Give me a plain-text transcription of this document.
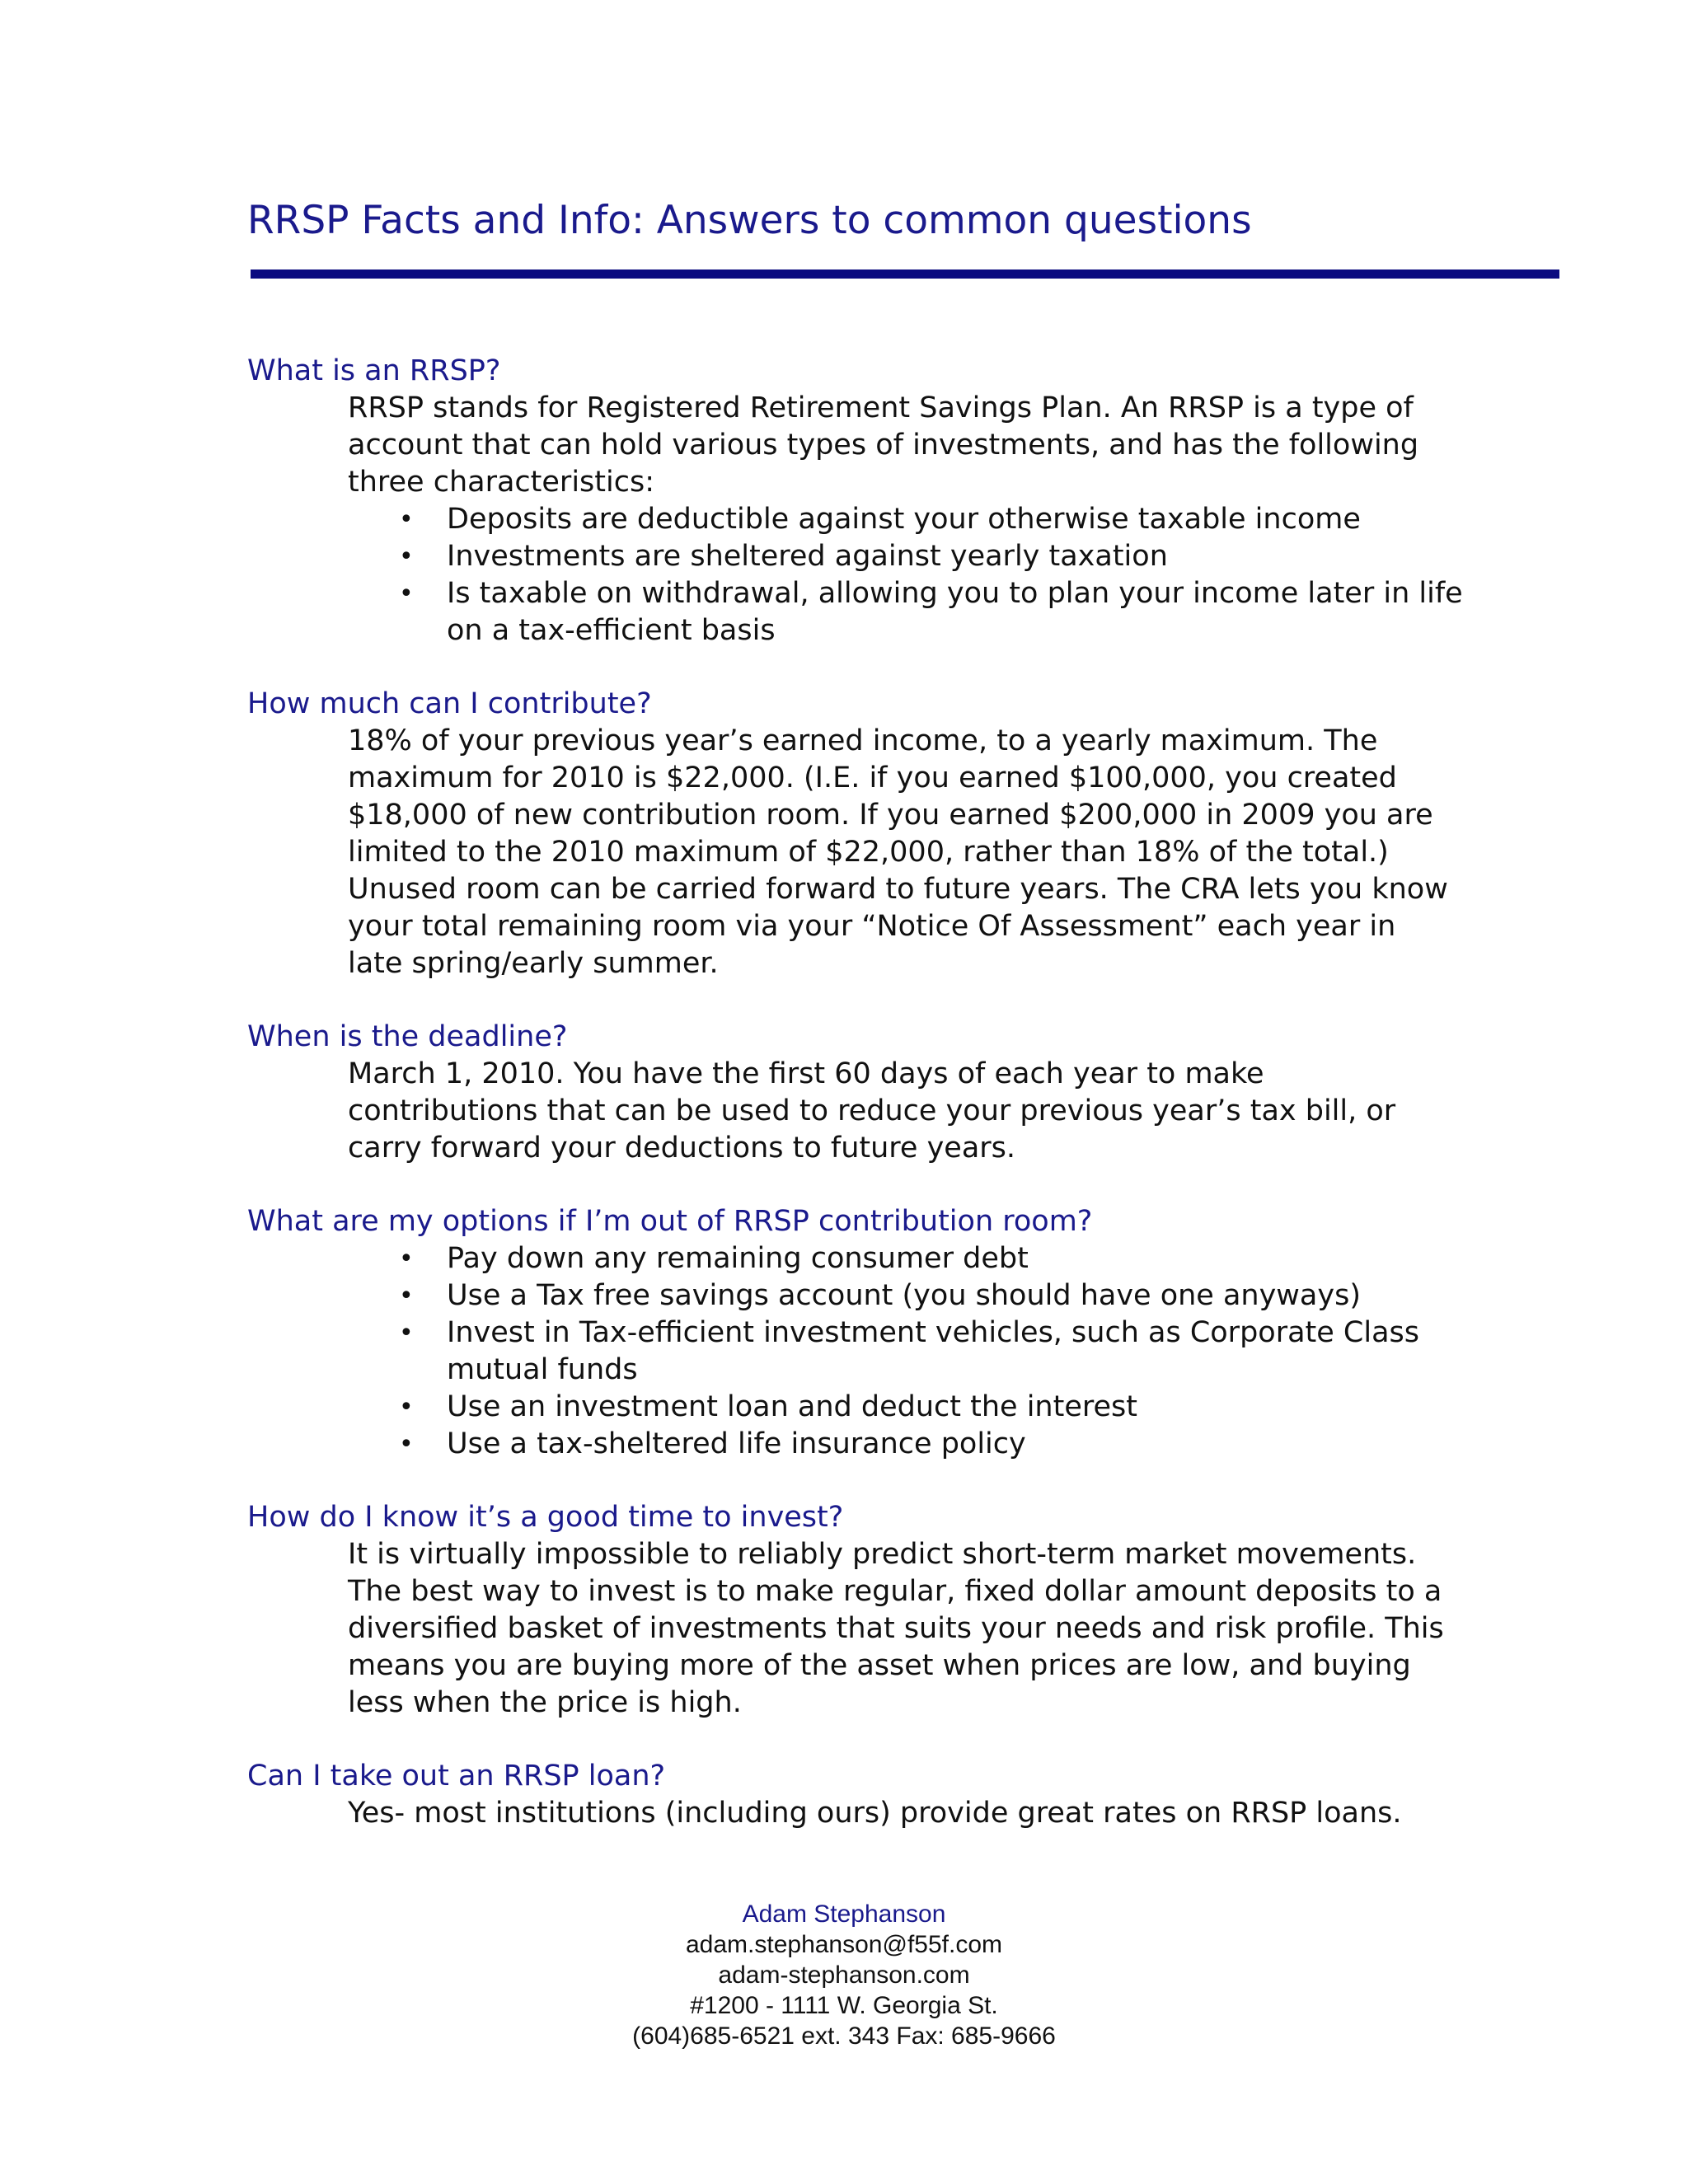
RRSP Facts and Info: Answers to common questions

What is an RRSP?

RRSP stands for Registered Retirement Savings Plan. An RRSP is a type of account that can hold various types of investments, and has the following three characteristics:

• Deposits are deductible against your otherwise taxable income
• Investments are sheltered against yearly taxation
• Is taxable on withdrawal, allowing you to plan your income later in life on a tax-efficient basis

How much can I contribute?

18% of your previous year’s earned income, to a yearly maximum. The maximum for 2010 is $22,000. (I.E. if you earned $100,000, you created $18,000 of new contribution room. If you earned $200,000 in 2009 you are limited to the 2010 maximum of $22,000, rather than 18% of the total.) Unused room can be carried forward to future years. The CRA lets you know your total remaining room via your “Notice Of Assessment” each year in late spring/early summer.

When is the deadline?

March 1, 2010. You have the first 60 days of each year to make contributions that can be used to reduce your previous year’s tax bill, or carry forward your deductions to future years.

What are my options if I’m out of RRSP contribution room?

• Pay down any remaining consumer debt
• Use a Tax free savings account (you should have one anyways)
• Invest in Tax-efficient investment vehicles, such as Corporate Class mutual funds
• Use an investment loan and deduct the interest
• Use a tax-sheltered life insurance policy

How do I know it’s a good time to invest?

It is virtually impossible to reliably predict short-term market movements. The best way to invest is to make regular, fixed dollar amount deposits to a diversified basket of investments that suits your needs and risk profile. This means you are buying more of the asset when prices are low, and buying less when the price is high.

Can I take out an RRSP loan?

Yes- most institutions (including ours) provide great rates on RRSP loans.

Adam Stephanson
adam.stephanson@f55f.com
adam-stephanson.com
#1200 - 1111 W. Georgia St.
(604)685-6521 ext. 343 Fax: 685-9666
